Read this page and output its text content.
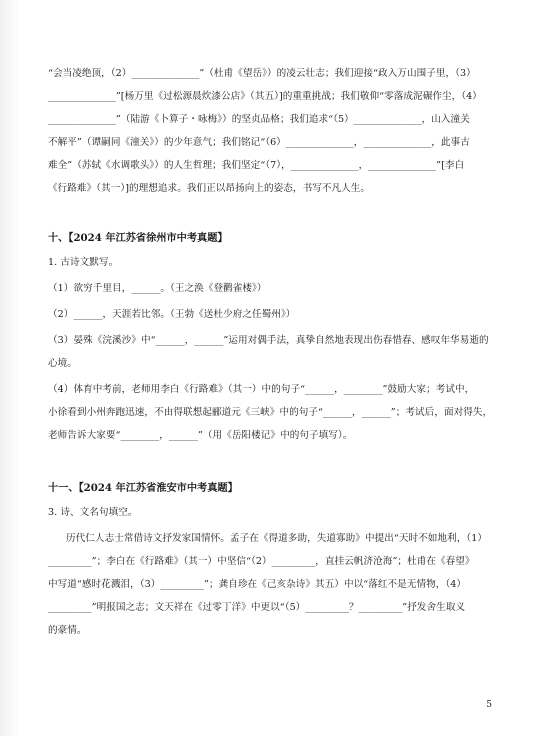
“会当凌绝顶，（2）______________”（杜甫《望岳》）的凌云壮志；我们迎接“政入万山围子里，（3）
______________”[杨万里《过松源晨炊漆公店》（其五）]的重重挑战；我们敬仰“零落成泥碾作尘，（4）
______________”（陆游《卜算子・咏梅》）的坚贞品格；我们追求“（5）______________，山入潼关
不解平”（谭嗣同《潼关》）的少年意气；我们铭记“（6）______________，______________，此事古
难全”（苏轼《水调歌头》）的人生哲理；我们坚定“（7），______________，______________”[李白
《行路难》（其一）]的理想追求。我们正以昂扬向上的姿态，书写不凡人生。
十、【2024 年江苏省徐州市中考真题】
1. 古诗文默写。
（1）欲穷千里目，______。（王之涣《登鹳雀楼》）
（2）______，天涯若比邻。（王勃《送杜少府之任蜀州》）
（3）晏殊《浣溪沙》中“______，______”运用对偶手法，真挚自然地表现出伤春惜春、感叹年华易逝的
心境。
（4）体育中考前，老师用李白《行路难》（其一）中的句子“______，________”鼓励大家；考试中，
小徐看到小州奔跑迅速，不由得联想起郦道元《三峡》中的句子“______，______”；考试后，面对得失，
老师告诉大家要“________，______”（用《岳阳楼记》中的句子填写）。
十一、【2024 年江苏省淮安市中考真题】
3. 诗、文名句填空。
历代仁人志士常借诗文抒发家国情怀。孟子在《得道多助，失道寡助》中提出“天时不如地利，（1）
_________”；李白在《行路难》（其一）中坚信“（2）_________，直挂云帆济沧海”；杜甫在《春望》
中写道“感时花溅泪，（3）_________”；龚自珍在《己亥杂诗》其五）中以“落红不是无情物，（4）
_________”明报国之志；文天祥在《过零丁洋》中更以“（5）_________？_________”抒发舍生取义
的豪情。
5
